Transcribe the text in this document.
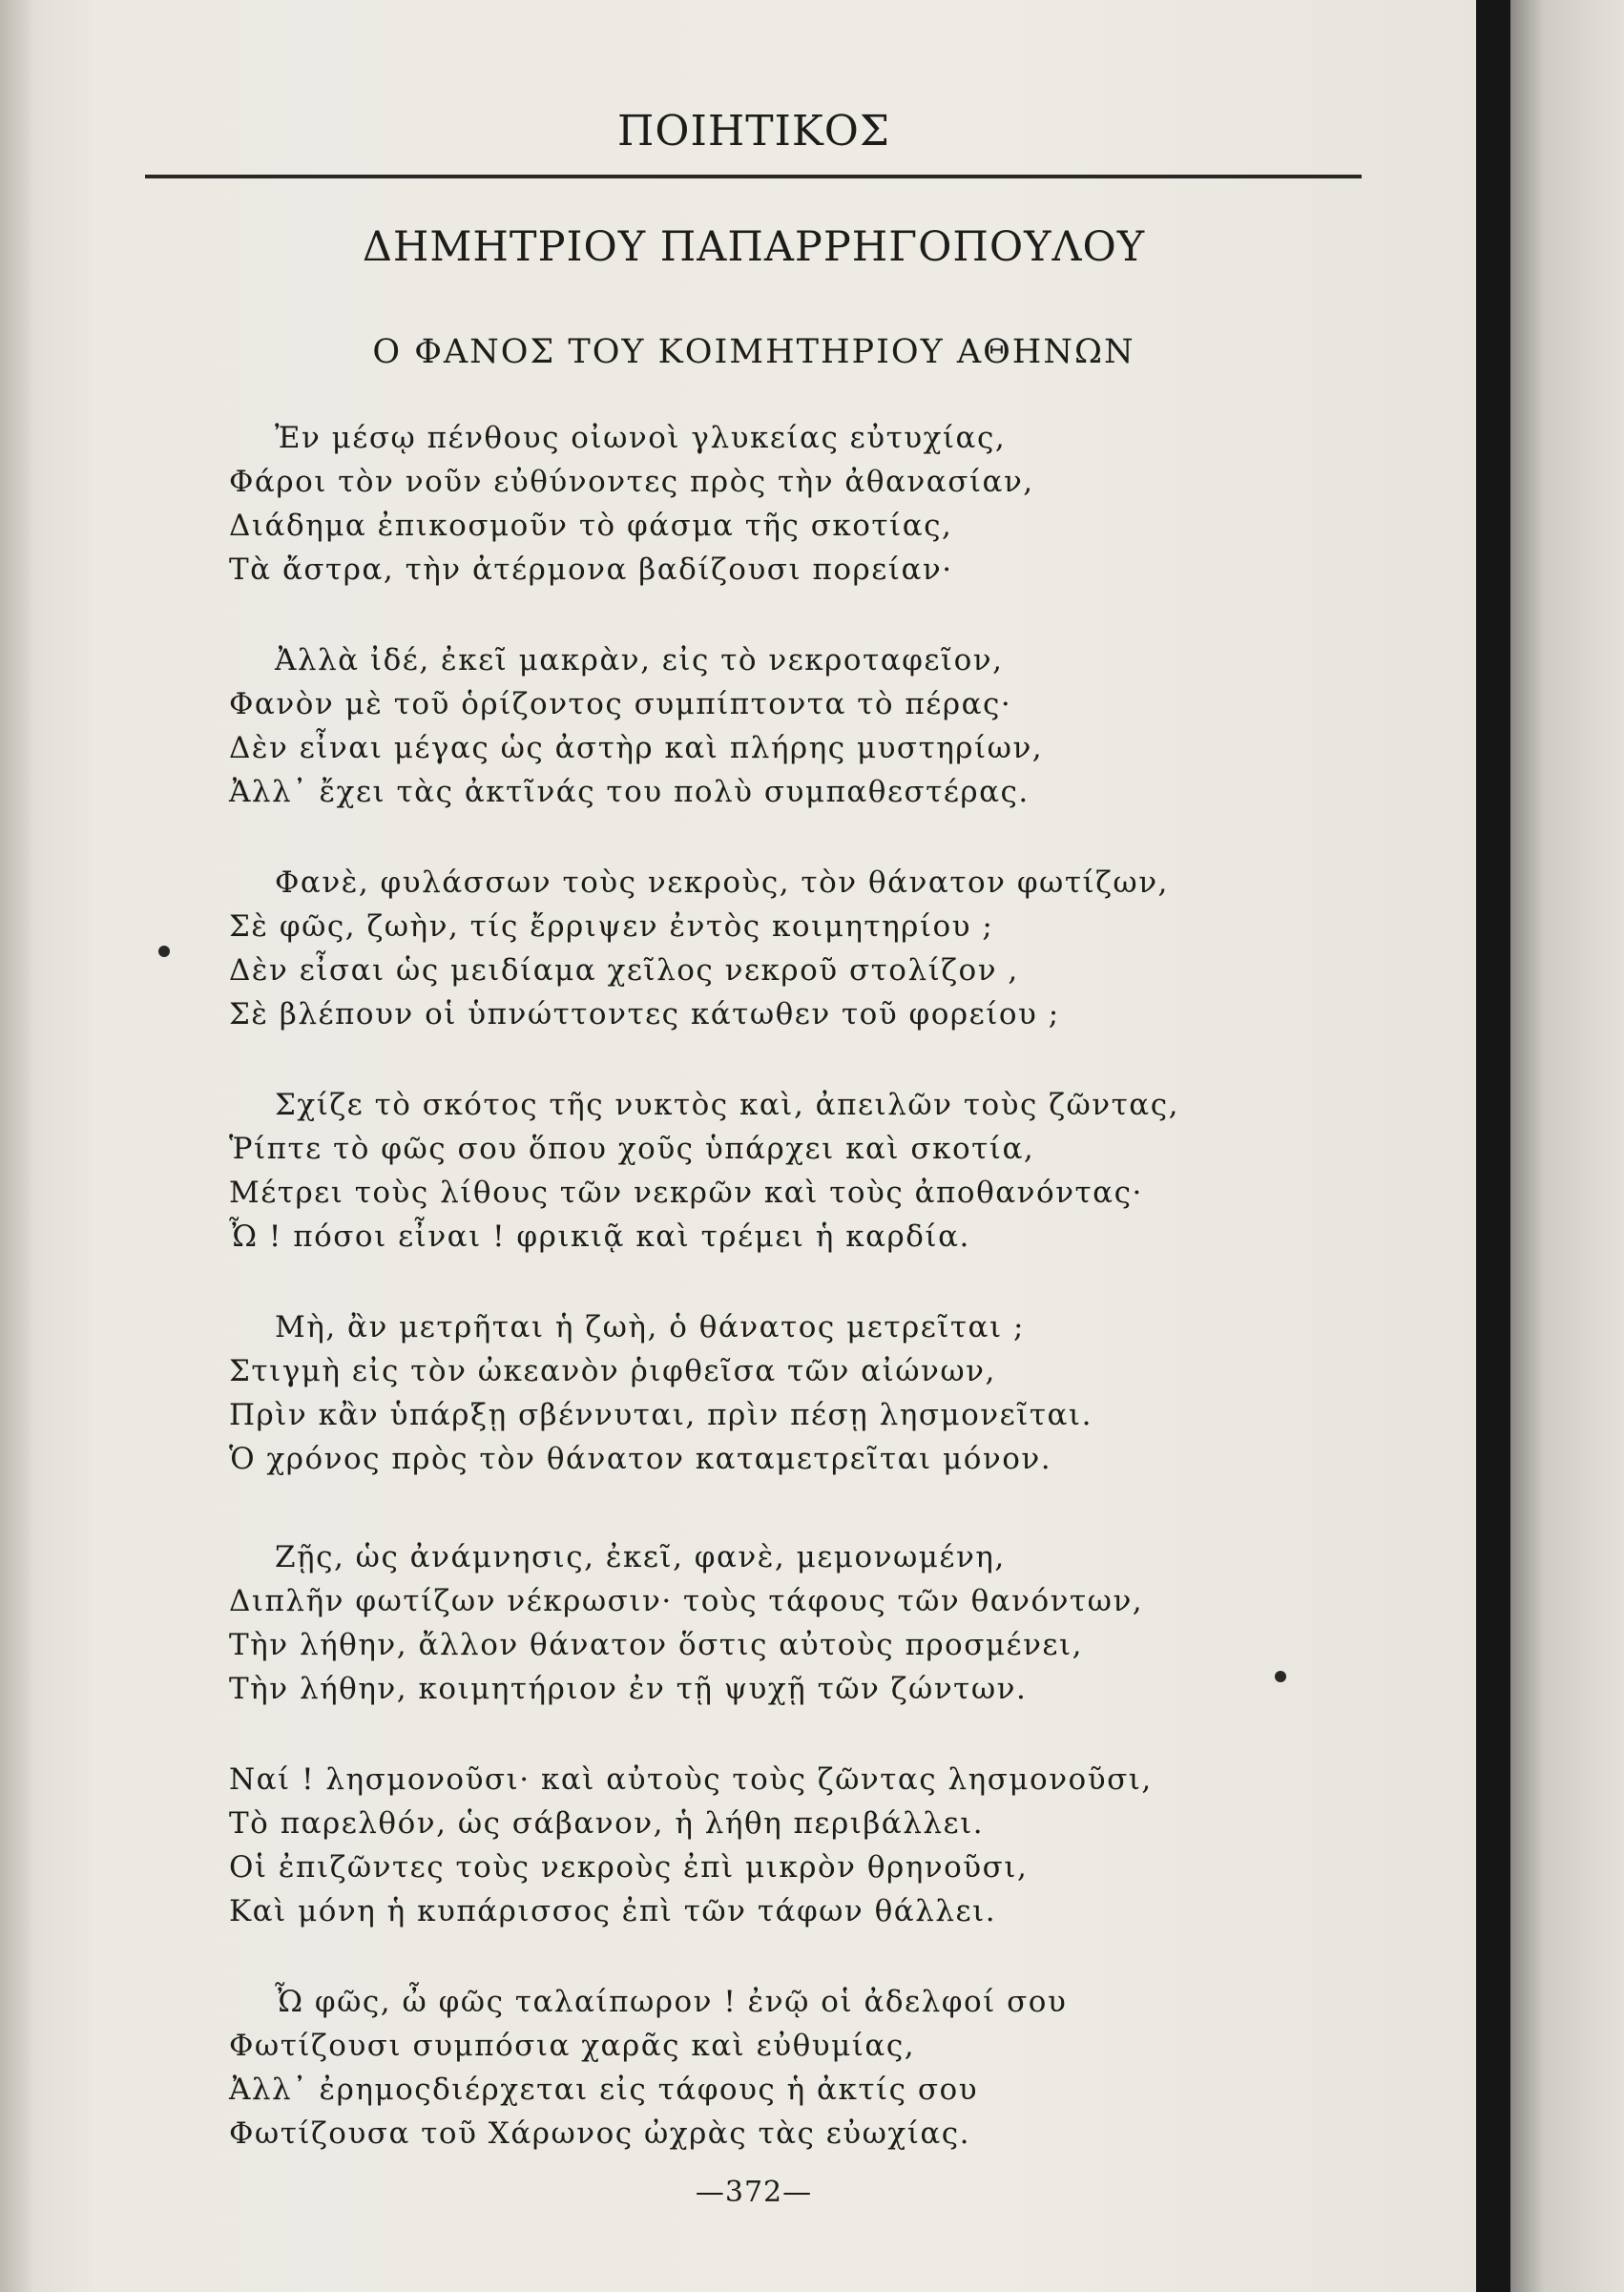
ΠΟΙΗΤΙΚΟΣ
ΔΗΜΗΤΡΙΟΥ ΠΑΠΑΡΡΗΓΟΠΟΥΛΟΥ
Ο ΦΑΝΟΣ ΤΟΥ ΚΟΙΜΗΤΗΡΙΟΥ ΑΘΗΝΩΝ
Ἐν μέσῳ πένθους οἰωνοὶ γλυκείας εὐτυχίας,
Φάροι τὸν νοῦν εὐθύνοντες πρὸς τὴν ἀθανασίαν,
Διάδημα ἐπικοσμοῦν τὸ φάσμα τῆς σκοτίας,
Τὰ ἄστρα, τὴν ἀτέρμονα βαδίζουσι πορείαν·
Ἀλλὰ ἰδέ, ἐκεῖ μακρὰν, εἰς τὸ νεκροταφεῖον,
Φανὸν μὲ τοῦ ὁρίζοντος συμπίπτοντα τὸ πέρας·
Δὲν εἶναι μέγας ὡς ἀστὴρ καὶ πλήρης μυστηρίων,
Ἀλλ᾽ ἔχει τὰς ἀκτῖνάς του πολὺ συμπαθεστέρας.
Φανὲ, φυλάσσων τοὺς νεκροὺς, τὸν θάνατον φωτίζων,
Σὲ φῶς, ζωὴν, τίς ἔρριψεν ἐντὸς κοιμητηρίου ;
Δὲν εἶσαι ὡς μειδίαμα χεῖλος νεκροῦ στολίζον ,
Σὲ βλέπουν οἱ ὑπνώττοντες κάτωθεν τοῦ φορείου ;
Σχίζε τὸ σκότος τῆς νυκτὸς καὶ, ἀπειλῶν τοὺς ζῶντας,
Ῥίπτε τὸ φῶς σου ὅπου χοῦς ὑπάρχει καὶ σκοτία,
Μέτρει τοὺς λίθους τῶν νεκρῶν καὶ τοὺς ἀποθανόντας·
Ὦ ! πόσοι εἶναι ! φρικιᾷ καὶ τρέμει ἡ καρδία.
Μὴ, ἂν μετρῆται ἡ ζωὴ, ὁ θάνατος μετρεῖται ;
Στιγμὴ εἰς τὸν ὠκεανὸν ῥιφθεῖσα τῶν αἰώνων,
Πρὶν κἂν ὑπάρξῃ σβέννυται, πρὶν πέσῃ λησμονεῖται.
Ὁ χρόνος πρὸς τὸν θάνατον καταμετρεῖται μόνον.
Ζῇς, ὡς ἀνάμνησις, ἐκεῖ, φανὲ, μεμονωμένη,
Διπλῆν φωτίζων νέκρωσιν· τοὺς τάφους τῶν θανόντων,
Τὴν λήθην, ἄλλον θάνατον ὅστις αὐτοὺς προσμένει,
Τὴν λήθην, κοιμητήριον ἐν τῇ ψυχῇ τῶν ζώντων.
Ναί ! λησμονοῦσι· καὶ αὐτοὺς τοὺς ζῶντας λησμονοῦσι,
Τὸ παρελθόν, ὡς σάβανον, ἡ λήθη περιβάλλει.
Οἱ ἐπιζῶντες τοὺς νεκροὺς ἐπὶ μικρὸν θρηνοῦσι,
Καὶ μόνη ἡ κυπάρισσος ἐπὶ τῶν τάφων θάλλει.
Ὦ φῶς, ὦ φῶς ταλαίπωρον ! ἐνῷ οἱ ἀδελφοί σου
Φωτίζουσι συμπόσια χαρᾶς καὶ εὐθυμίας,
Ἀλλ᾽ ἐρημοςδιέρχεται εἰς τάφους ἡ ἀκτίς σου
Φωτίζουσα τοῦ Χάρωνος ὠχρὰς τὰς εὐωχίας.
—372—
